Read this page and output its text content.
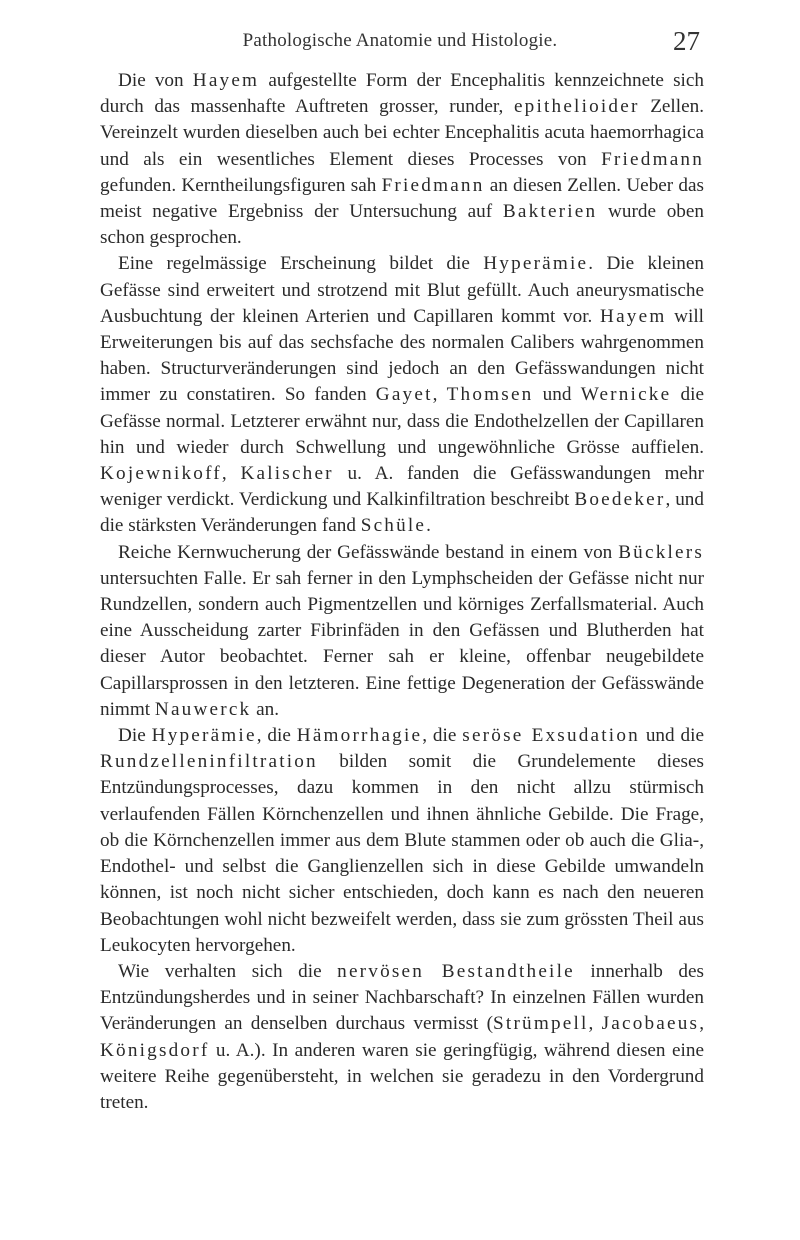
Pathologische Anatomie und Histologie.	27

Die von Hayem aufgestellte Form der Encephalitis kennzeichnete sich durch das massenhafte Auftreten grosser, runder, epithelioider Zellen. Vereinzelt wurden dieselben auch bei echter Encephalitis acuta haemorrhagica und als ein wesentliches Element dieses Processes von Friedmann gefunden. Kerntheilungsfiguren sah Friedmann an diesen Zellen. Ueber das meist negative Ergebniss der Untersuchung auf Bakterien wurde oben schon gesprochen.

Eine regelmässige Erscheinung bildet die Hyperämie. Die kleinen Gefässe sind erweitert und strotzend mit Blut gefüllt. Auch aneurysmatische Ausbuchtung der kleinen Arterien und Capillaren kommt vor. Hayem will Erweiterungen bis auf das sechsfache des normalen Calibers wahrgenommen haben. Structurveränderungen sind jedoch an den Gefässwandungen nicht immer zu constatiren. So fanden Gayet, Thomsen und Wernicke die Gefässe normal. Letzterer erwähnt nur, dass die Endothelzellen der Capillaren hin und wieder durch Schwellung und ungewöhnliche Grösse auffielen. Kojewnikoff, Kalischer u. A. fanden die Gefässwandungen mehr weniger verdickt. Verdickung und Kalkinfiltration beschreibt Boedeker, und die stärksten Veränderungen fand Schüle.

Reiche Kernwucherung der Gefässwände bestand in einem von Bücklers untersuchten Falle. Er sah ferner in den Lymphscheiden der Gefässe nicht nur Rundzellen, sondern auch Pigmentzellen und körniges Zerfallsmaterial. Auch eine Ausscheidung zarter Fibrinfäden in den Gefässen und Blutherden hat dieser Autor beobachtet. Ferner sah er kleine, offenbar neugebildete Capillarsprossen in den letzteren. Eine fettige Degeneration der Gefässwände nimmt Nauwerck an.

Die Hyperämie, die Hämorrhagie, die seröse Exsudation und die Rundzelleninfiltration bilden somit die Grundelemente dieses Entzündungsprocesses, dazu kommen in den nicht allzu stürmisch verlaufenden Fällen Körnchenzellen und ihnen ähnliche Gebilde. Die Frage, ob die Körnchenzellen immer aus dem Blute stammen oder ob auch die Glia-, Endothel- und selbst die Ganglienzellen sich in diese Gebilde umwandeln können, ist noch nicht sicher entschieden, doch kann es nach den neueren Beobachtungen wohl nicht bezweifelt werden, dass sie zum grössten Theil aus Leukocyten hervorgehen.

Wie verhalten sich die nervösen Bestandtheile innerhalb des Entzündungsherdes und in seiner Nachbarschaft? In einzelnen Fällen wurden Veränderungen an denselben durchaus vermisst (Strümpell, Jacobaeus, Königsdorf u. A.). In anderen waren sie geringfügig, während diesen eine weitere Reihe gegenübersteht, in welchen sie geradezu in den Vordergrund treten.
